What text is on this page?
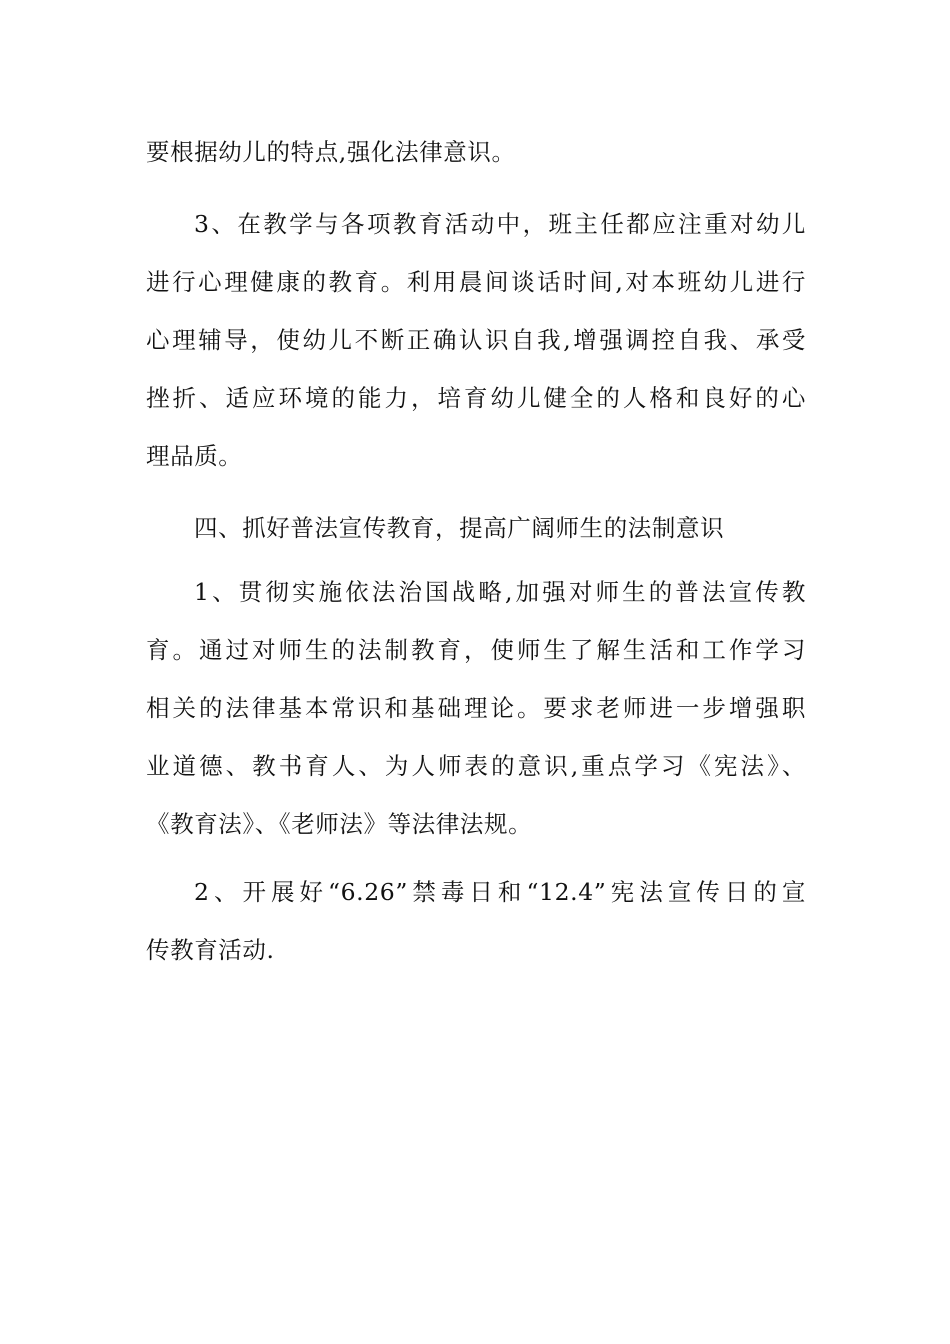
要根据幼儿的特点,强化法律意识。
3、在教学与各项教育活动中，班主任都应注重对幼儿
进行心理健康的教育。利用晨间谈话时间,对本班幼儿进行
心理辅导，使幼儿不断正确认识自我,增强调控自我、承受
挫折、适应环境的能力，培育幼儿健全的人格和良好的心
理品质。
四、抓好普法宣传教育，提高广阔师生的法制意识
1、贯彻实施依法治国战略,加强对师生的普法宣传教
育。通过对师生的法制教育，使师生了解生活和工作学习
相关的法律基本常识和基础理论。要求老师进一步增强职
业道德、教书育人、为人师表的意识,重点学习《宪法》、
《教育法》、《老师法》等法律法规。
2、开展好“6.26”禁毒日和“12.4”宪法宣传日的宣
传教育活动.
